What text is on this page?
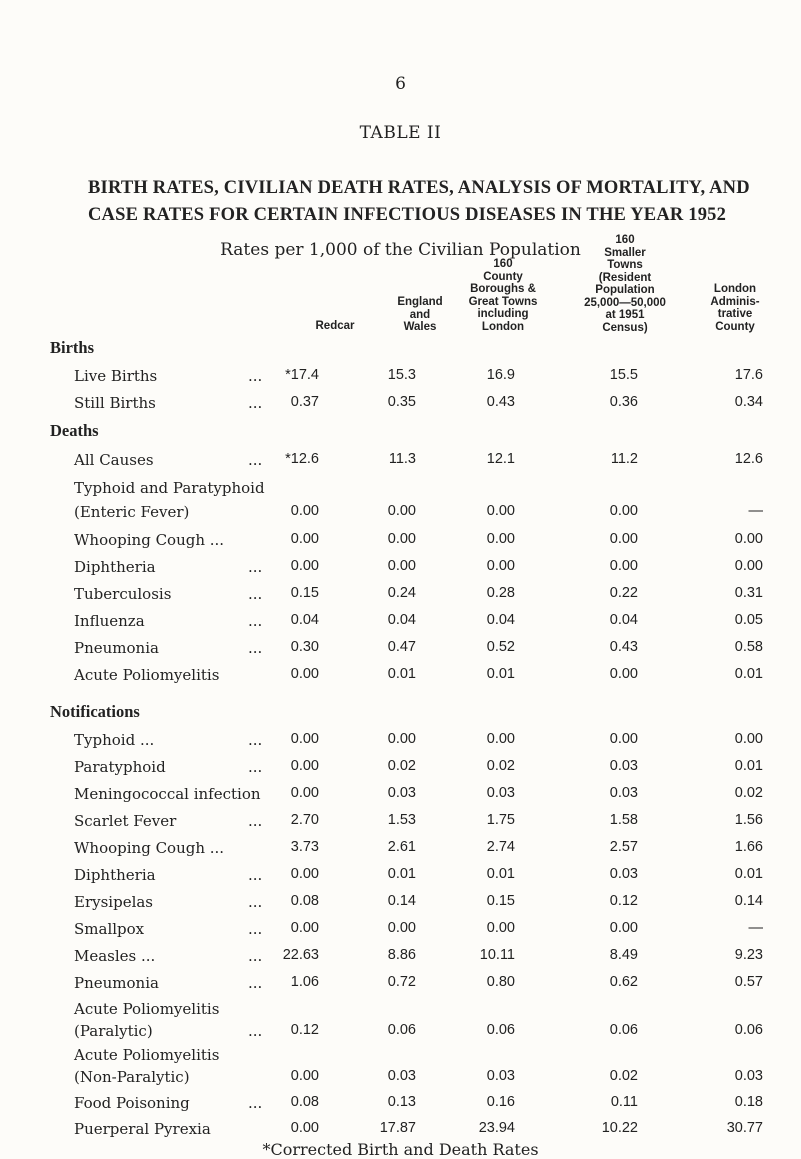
6
TABLE II
BIRTH RATES, CIVILIAN DEATH RATES, ANALYSIS OF MORTALITY, AND CASE RATES FOR CERTAIN INFECTIOUS DISEASES IN THE YEAR 1952
Rates per 1,000 of the Civilian Population
Redcar
England
and
Wales
160
County
Boroughs &
Great Towns
including
London
160
Smaller
Towns
(Resident
Population
25,000—50,000
at 1951
Census)
London
Adminis-
trative
County
Births
Live Births	...	*17.4	15.3	16.9	15.5	17.6
Still Births	...	0.37	0.35	0.43	0.36	0.34
Deaths
All Causes	...	*12.6	11.3	12.1	11.2	12.6
Typhoid and Paratyphoid
(Enteric Fever)	0.00	0.00	0.00	0.00	—
Whooping Cough ...	0.00	0.00	0.00	0.00	0.00
Diphtheria	...	0.00	0.00	0.00	0.00	0.00
Tuberculosis	...	0.15	0.24	0.28	0.22	0.31
Influenza	...	0.04	0.04	0.04	0.04	0.05
Pneumonia	...	0.30	0.47	0.52	0.43	0.58
Acute Poliomyelitis	0.00	0.01	0.01	0.00	0.01
Notifications
Typhoid ...	...	0.00	0.00	0.00	0.00	0.00
Paratyphoid	...	0.00	0.02	0.02	0.03	0.01
Meningococcal infection	0.00	0.03	0.03	0.03	0.02
Scarlet Fever	...	2.70	1.53	1.75	1.58	1.56
Whooping Cough ...	3.73	2.61	2.74	2.57	1.66
Diphtheria	...	0.00	0.01	0.01	0.03	0.01
Erysipelas	...	0.08	0.14	0.15	0.12	0.14
Smallpox	...	0.00	0.00	0.00	0.00	—
Measles ...	...	22.63	8.86	10.11	8.49	9.23
Pneumonia	...	1.06	0.72	0.80	0.62	0.57
Acute Poliomyelitis
(Paralytic)	...	0.12	0.06	0.06	0.06	0.06
Acute Poliomyelitis
(Non-Paralytic)	0.00	0.03	0.03	0.02	0.03
*Corrected Birth and Death Rates
Food Poisoning	...	0.08	0.13	0.16	0.11	0.18
Puerperal Pyrexia	0.00	17.87	23.94	10.22	30.77
